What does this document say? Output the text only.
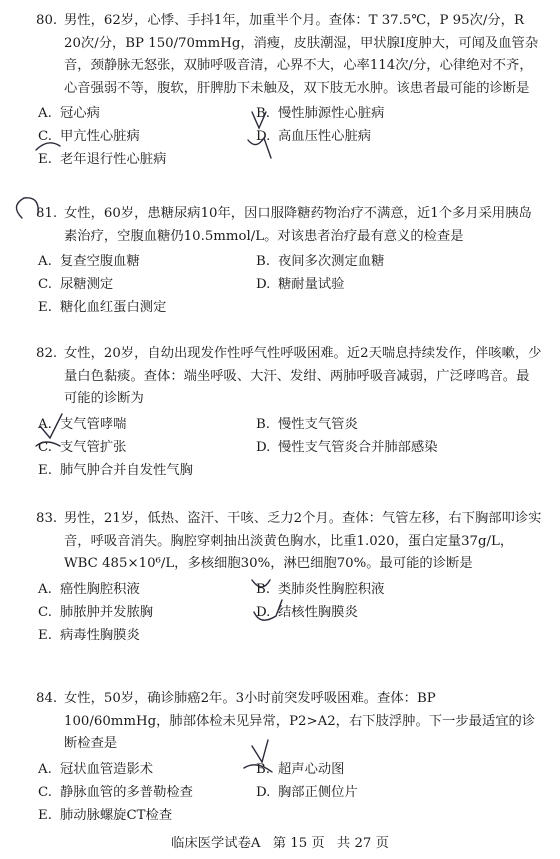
80. 男性，62岁，心悸、手抖1年，加重半个月。查体：T 37.5℃，P 95次/分，R 20次/分，BP 150/70mmHg，消瘦，皮肤潮湿，甲状腺Ⅰ度肿大，可闻及血管杂音，颈静脉无怒张，双肺呼吸音清，心界不大，心率114次/分，心律绝对不齐，心音强弱不等，腹软，肝脾肋下未触及，双下肢无水肿。该患者最可能的诊断是
A. 冠心病	B. 慢性肺源性心脏病
C. 甲亢性心脏病	D. 高血压性心脏病
E. 老年退行性心脏病
81. 女性，60岁，患糖尿病10年，因口服降糖药物治疗不满意，近1个多月采用胰岛素治疗，空腹血糖仍10.5mmol/L。对该患者治疗最有意义的检查是
A. 复查空腹血糖	B. 夜间多次测定血糖
C. 尿糖测定	D. 糖耐量试验
E. 糖化血红蛋白测定
82. 女性，20岁，自幼出现发作性呼气性呼吸困难。近2天喘息持续发作，伴咳嗽，少量白色黏痰。查体：端坐呼吸、大汗、发绀、两肺呼吸音减弱，广泛哮鸣音。最可能的诊断为
A. 支气管哮喘	B. 慢性支气管炎
C. 支气管扩张	D. 慢性支气管炎合并肺部感染
E. 肺气肿合并自发性气胸
83. 男性，21岁，低热、盗汗、干咳、乏力2个月。查体：气管左移，右下胸部叩诊实音，呼吸音消失。胸腔穿刺抽出淡黄色胸水，比重1.020，蛋白定量37g/L，WBC 485×10⁶/L，多核细胞30%，淋巴细胞70%。最可能的诊断是
A. 癌性胸腔积液	B. 类肺炎性胸腔积液
C. 肺脓肿并发脓胸	D. 结核性胸膜炎
E. 病毒性胸膜炎
84. 女性，50岁，确诊肺癌2年。3小时前突发呼吸困难。查体：BP 100/60mmHg，肺部体检未见异常，P2>A2，右下肢浮肿。下一步最适宜的诊断检查是
A. 冠状血管造影术	B. 超声心动图
C. 静脉血管的多普勒检查	D. 胸部正侧位片
E. 肺动脉螺旋CT检查
临床医学试卷A 第 15 页 共 27 页
